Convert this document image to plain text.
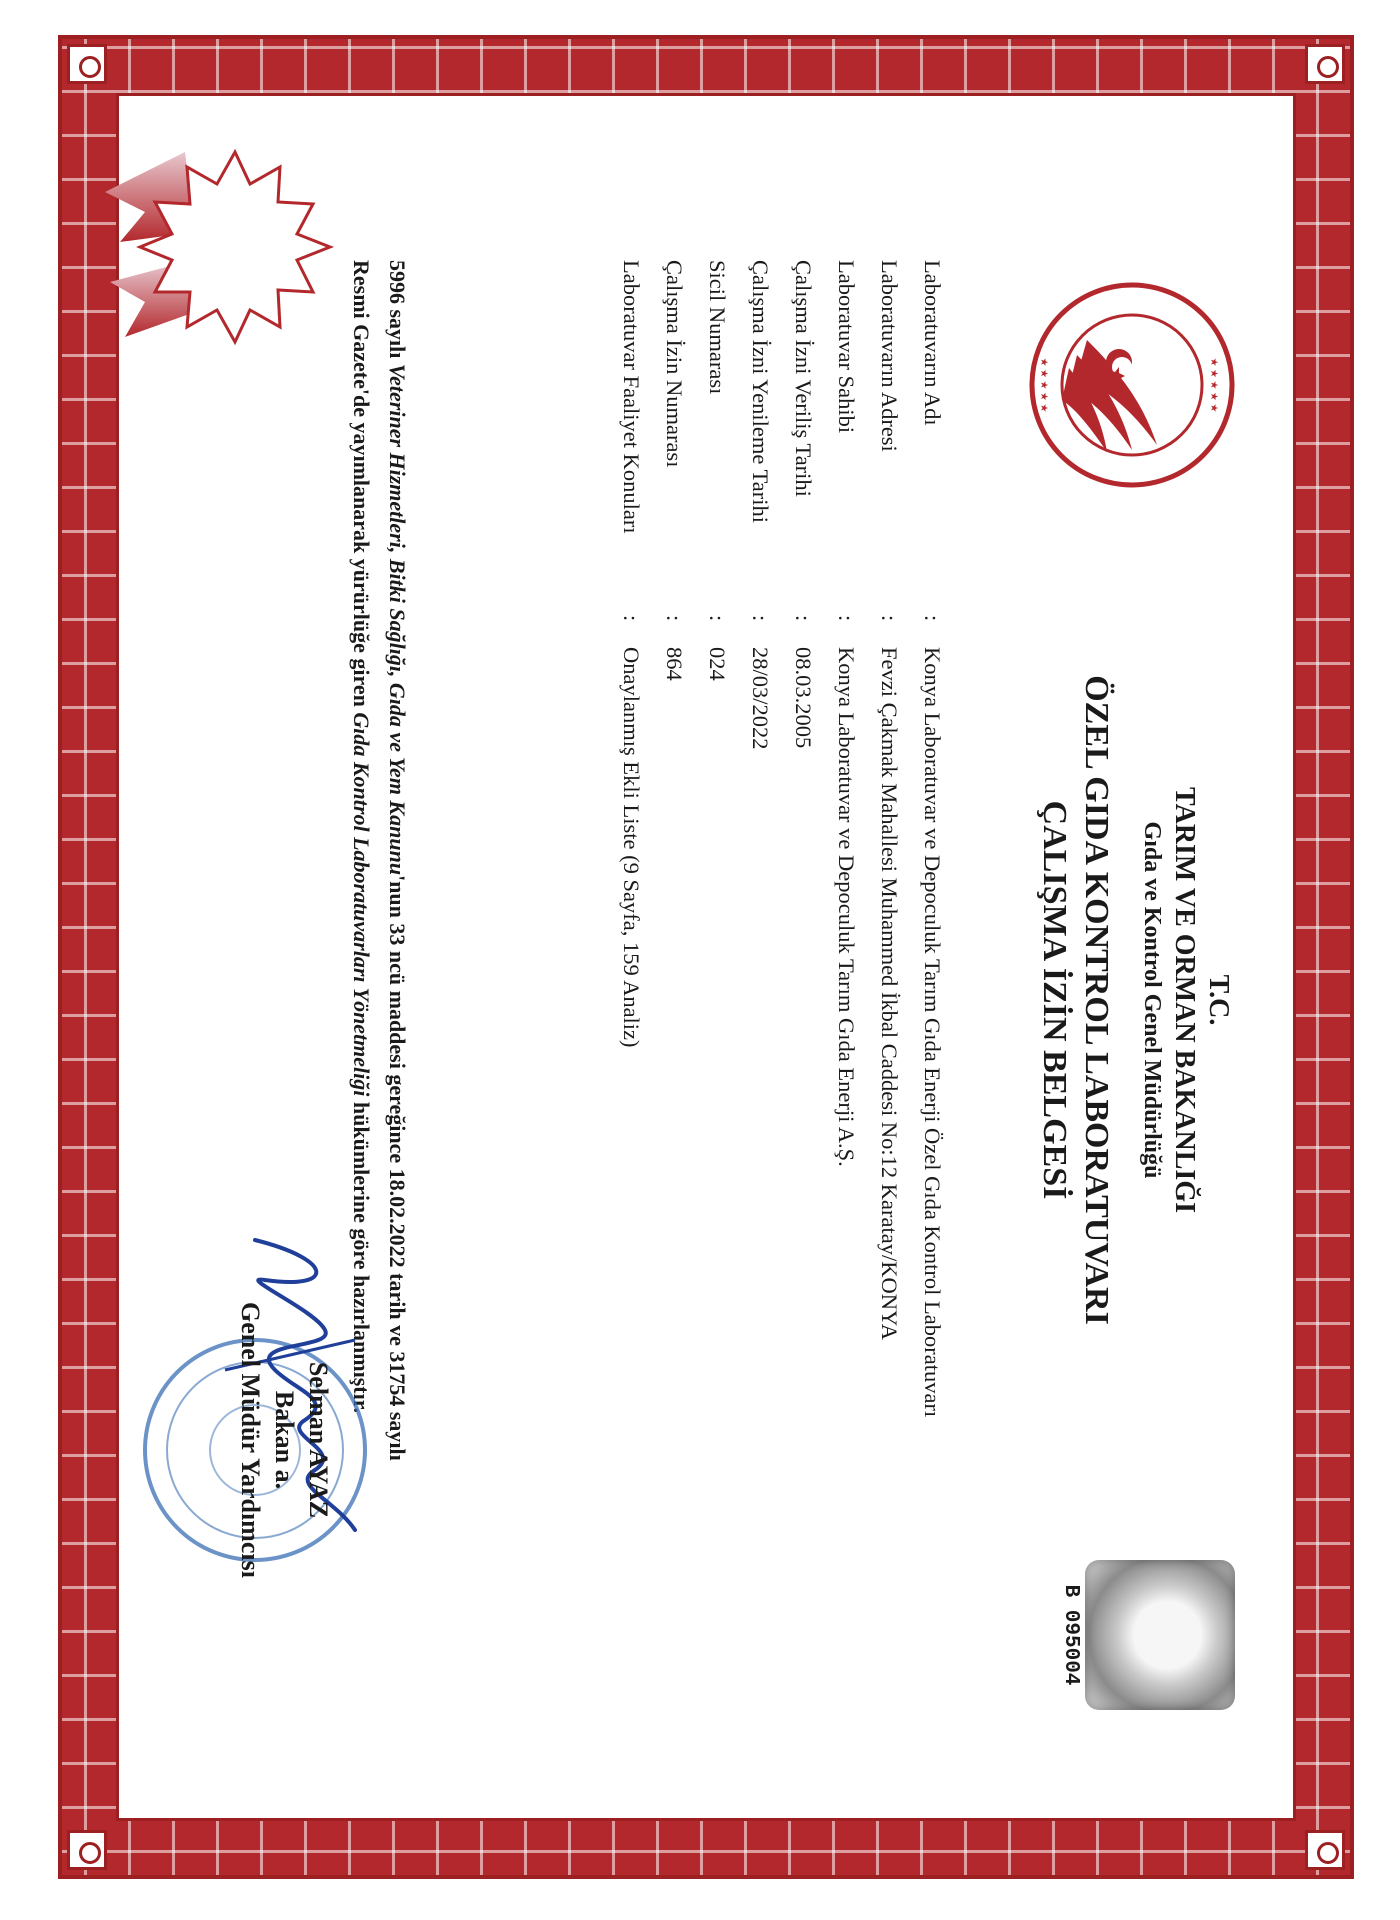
★ ★ ★ ★ ★
★ ★ ★ ★ ★
B 095004
T.C.
TARIM VE ORMAN BAKANLIĞI
Gıda ve Kontrol Genel Müdürlüğü
ÖZEL GIDA KONTROL LABORATUVARI
ÇALIŞMA İZİN BELGESİ
Laboratuvarın Adı
:
Konya Laboratuvar ve Depoculuk Tarım Gıda Enerji Özel Gıda Kontrol Laboratuvarı
Laboratuvarın Adresi
:
Fevzi Çakmak Mahallesi Muhammed İkbal Caddesi No:12 Karatay/KONYA
Laboratuvar Sahibi
:
Konya Laboratuvar ve Depoculuk Tarım Gıda Enerji A.Ş.
Çalışma İzni Veriliş Tarihi
:
08.03.2005
Çalışma İzni Yenileme Tarihi
:
28/03/2022
Sicil Numarası
:
024
Çalışma İzin Numarası
:
864
Laboratuvar Faaliyet Konuları
:
Onaylanmış Ekli Liste (9 Sayfa, 159 Analiz)
5996 sayılı Veteriner Hizmetleri, Bitki Sağlığı, Gıda ve Yem Kanunu'nun 33 ncü maddesi gereğince 18.02.2022 tarih ve 31754 sayılı
Resmi Gazete'de yayımlanarak yürürlüğe giren Gıda Kontrol Laboratuvarları Yönetmeliği hükümlerine göre hazırlanmıştır.
Selman AYAZ
Bakan a.
Genel Müdür Yardımcısı
